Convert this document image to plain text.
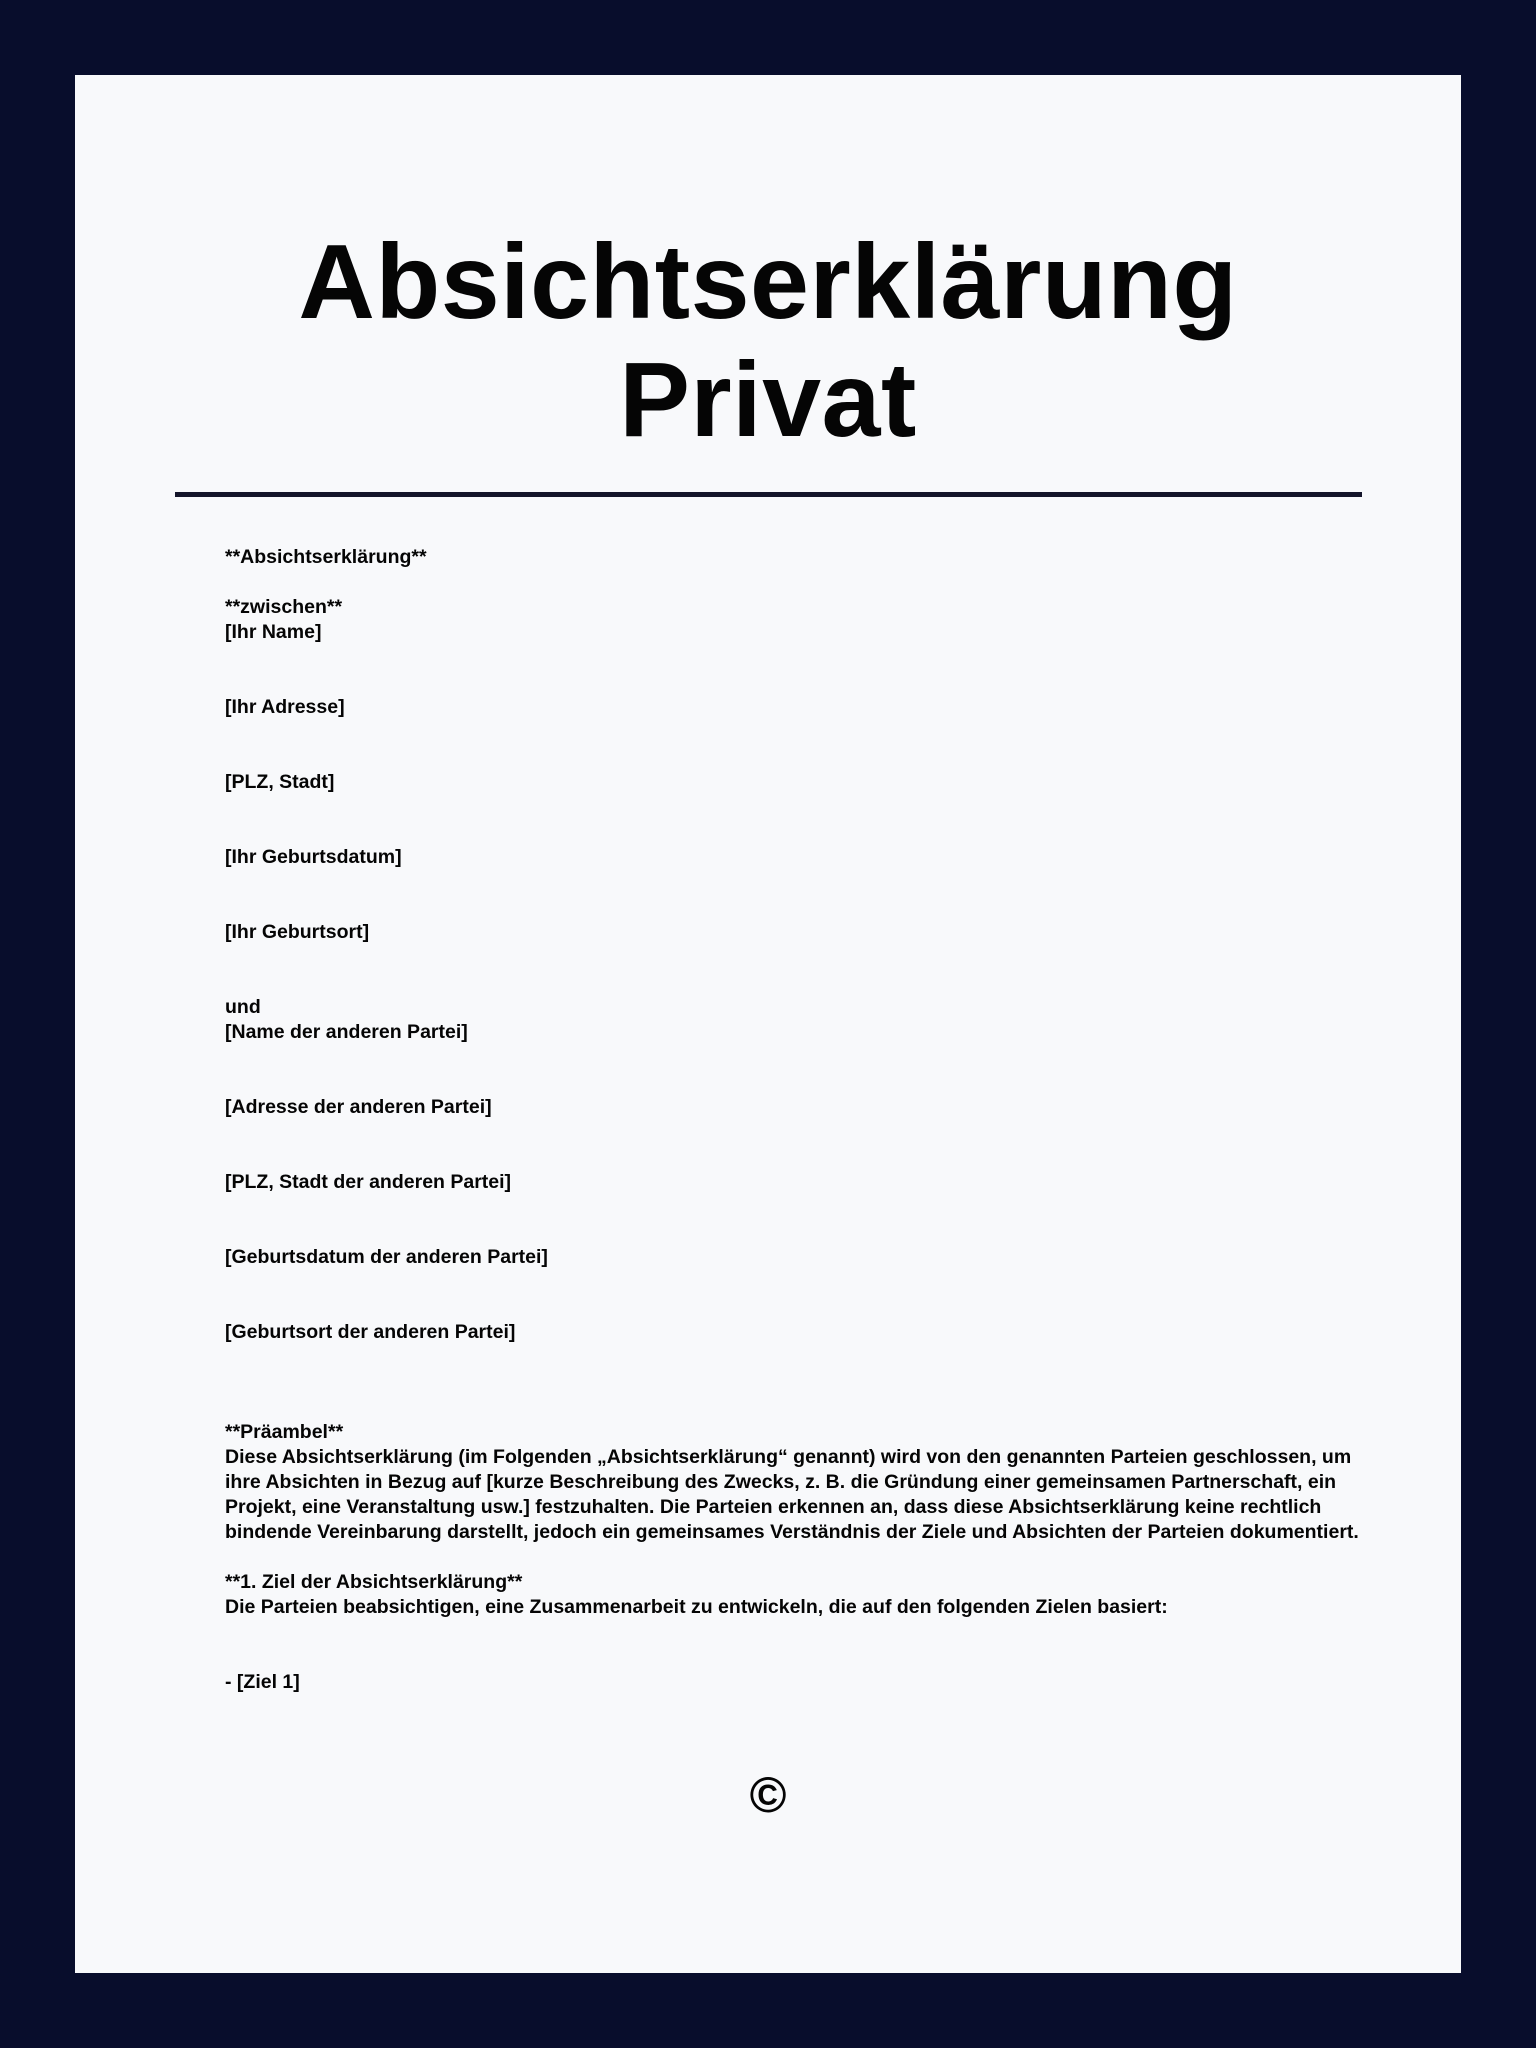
Absichtserklärung
Privat
**Absichtserklärung**
**zwischen**
[Ihr Name]
[Ihr Adresse]
[PLZ, Stadt]
[Ihr Geburtsdatum]
[Ihr Geburtsort]
und
[Name der anderen Partei]
[Adresse der anderen Partei]
[PLZ, Stadt der anderen Partei]
[Geburtsdatum der anderen Partei]
[Geburtsort der anderen Partei]
**Präambel**
Diese Absichtserklärung (im Folgenden „Absichtserklärung“ genannt) wird von den genannten Parteien geschlossen, um ihre Absichten in Bezug auf [kurze Beschreibung des Zwecks, z. B. die Gründung einer gemeinsamen Partnerschaft, ein Projekt, eine Veranstaltung usw.] festzuhalten. Die Parteien erkennen an, dass diese Absichtserklärung keine rechtlich bindende Vereinbarung darstellt, jedoch ein gemeinsames Verständnis der Ziele und Absichten der Parteien dokumentiert.
**1. Ziel der Absichtserklärung**
Die Parteien beabsichtigen, eine Zusammenarbeit zu entwickeln, die auf den folgenden Zielen basiert:
- [Ziel 1]
©
